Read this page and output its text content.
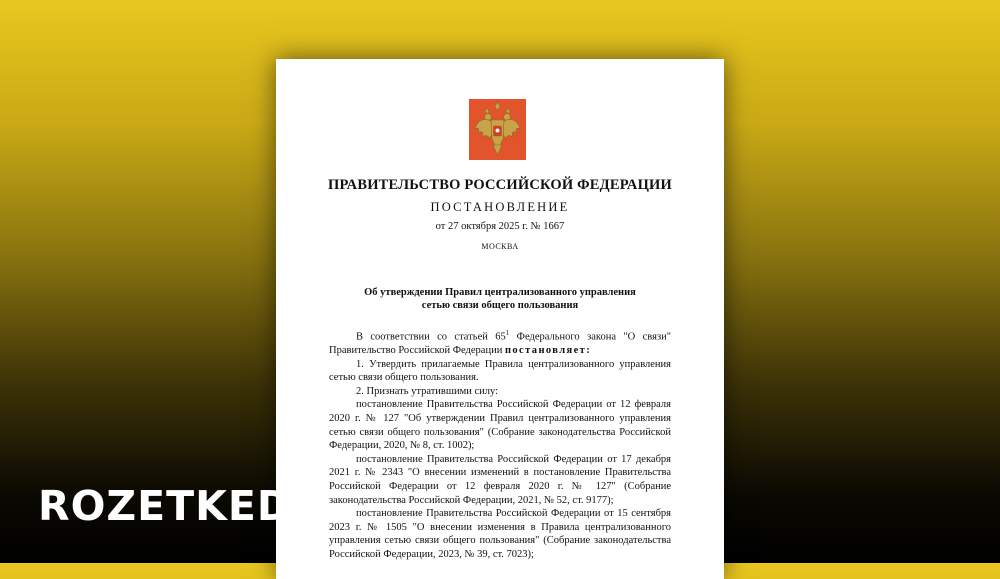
ПРАВИТЕЛЬСТВО РОССИЙСКОЙ ФЕДЕРАЦИИ
ПОСТАНОВЛЕНИЕ
от 27 октября 2025 г. № 1667
МОСКВА
Об утверждении Правил централизованного управления
сетью связи общего пользования

В соответствии со статьей $65^1$ Федерального закона "О связи" Правительство Российской Федерации постановляет:

1. Утвердить прилагаемые Правила централизованного управления сетью связи общего пользования.

2. Признать утратившими силу:

постановление Правительства Российской Федерации от 12 февраля 2020 г. № 127 "Об утверждении Правил централизованного управления сетью связи общего пользования" (Собрание законодательства Российской Федерации, 2020, № 8, ст. 1002);

постановление Правительства Российской Федерации от 17 декабря 2021 г. № 2343 "О внесении изменений в постановление Правительства Российской Федерации от 12 февраля 2020 г. № 127" (Собрание законодательства Российской Федерации, 2021, № 52, ст. 9177);

постановление Правительства Российской Федерации от 15 сентября 2023 г. № 1505 "О внесении изменения в Правила централизованного управления сетью связи общего пользования" (Собрание законодательства Российской Федерации, 2023, № 39, ст. 7023);

ROZETKED
